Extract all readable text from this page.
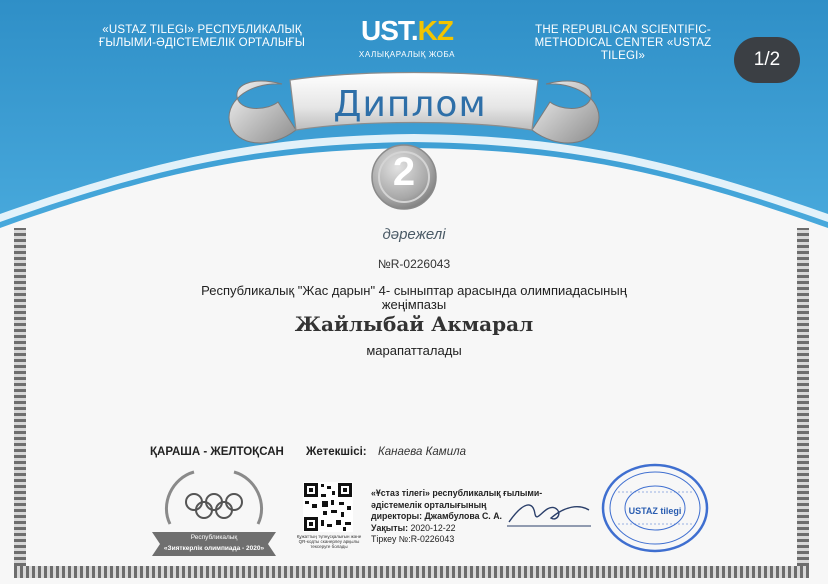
«USTAZ TILEGI» РЕСПУБЛИКАЛЫҚ
ҒЫЛЫМИ-ӘДІСТЕМЕЛІК ОРТАЛЫҒЫ	UST.KZ
ХАЛЫҚАРАЛЫҚ ЖОБА
THE REPUBLICAN SCIENTIFIC-
METHODICAL CENTER «USTAZ TILEGI»	1/2
Диплом
2
дәрежелі
№R-0226043
Республикалық "Жас дарын" 4- сыныптар арасында олимпиадасының жеңімпазы
Жайлыбай Акмарал
марапатталады
ҚАРАША - ЖЕЛТОҚСАН Жетекшісі: Канаева Камила
Республикалық
«Зияткерлік олимпиада - 2020»
Құжаттың түпнұсқалығын және QR-кодты сканерлеу арқылы тексеруге болады
«Ұстаз тілегі» республикалық ғылыми-
әдістемелік орталығының
директоры: Джамбулова С. А.
Уақыты: 2020-12-22
Тіркеу №:R-0226043
USTAZ tilegi
